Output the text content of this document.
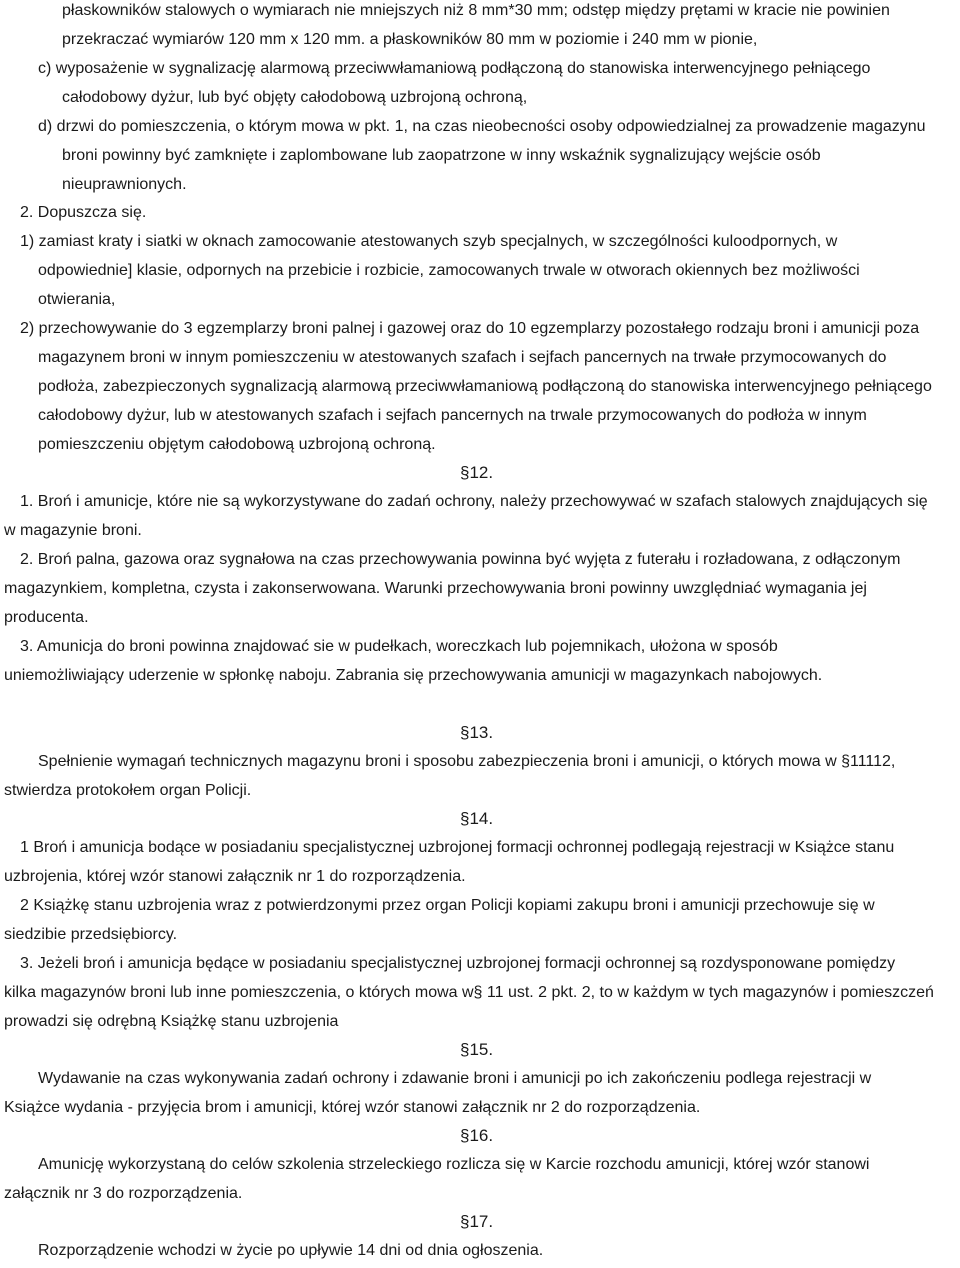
płaskowników stalowych o wymiarach nie mniejszych niż 8 mm*30 mm; odstęp między prętami w kracie nie powinien
przekraczać wymiarów 120 mm x 120 mm. a płaskowników 80 mm w poziomie i 240 mm w pionie,
c) wyposażenie w sygnalizację alarmową przeciwwłamaniową podłączoną do stanowiska interwencyjnego pełniącego
całodobowy dyżur, lub być objęty całodobową uzbrojoną ochroną,
d) drzwi do pomieszczenia, o którym mowa w pkt. 1, na czas nieobecności osoby odpowiedzialnej za prowadzenie magazynu
broni powinny być zamknięte i zaplombowane lub zaopatrzone w inny wskaźnik sygnalizujący wejście osób
nieuprawnionych.
2. Dopuszcza się.
1) zamiast kraty i siatki w oknach zamocowanie atestowanych szyb specjalnych, w szczególności kuloodpornych, w
odpowiednie] klasie, odpornych na przebicie i rozbicie, zamocowanych trwale w otworach okiennych bez możliwości
otwierania,
2) przechowywanie do 3 egzemplarzy broni palnej i gazowej oraz do 10 egzemplarzy pozostałego rodzaju broni i amunicji poza
magazynem broni w innym pomieszczeniu w atestowanych szafach i sejfach pancernych na trwałe przymocowanych do
podłoża, zabezpieczonych sygnalizacją alarmową przeciwwłamaniową podłączoną do stanowiska interwencyjnego pełniącego
całodobowy dyżur, lub w atestowanych szafach i sejfach pancernych na trwale przymocowanych do podłoża w innym
pomieszczeniu objętym całodobową uzbrojoną ochroną.
§12.
1. Broń i amunicje, które nie są wykorzystywane do zadań ochrony, należy przechowywać w szafach stalowych znajdujących się
w magazynie broni.
2. Broń palna, gazowa oraz sygnałowa na czas przechowywania powinna być wyjęta z futerału i rozładowana, z odłączonym
magazynkiem, kompletna, czysta i zakonserwowana. Warunki przechowywania broni powinny uwzględniać wymagania jej
producenta.
3. Amunicja do broni powinna znajdować sie w pudełkach, woreczkach lub pojemnikach, ułożona w sposób
uniemożliwiający uderzenie w spłonkę naboju. Zabrania się przechowywania amunicji w magazynkach nabojowych.
§13.
Spełnienie wymagań technicznych magazynu broni i sposobu zabezpieczenia broni i amunicji, o których mowa w §11112,
stwierdza protokołem organ Policji.
§14.
1 Broń i amunicja bodące w posiadaniu specjalistycznej uzbrojonej formacji ochronnej podlegają rejestracji w Książce stanu
uzbrojenia, której wzór stanowi załącznik nr 1 do rozporządzenia.
2 Książkę stanu uzbrojenia wraz z potwierdzonymi przez organ Policji kopiami zakupu broni i amunicji przechowuje się w
siedzibie przedsiębiorcy.
3. Jeżeli broń i amunicja będące w posiadaniu specjalistycznej uzbrojonej formacji ochronnej są rozdysponowane pomiędzy
kilka magazynów broni lub inne pomieszczenia, o których mowa w§ 11 ust. 2 pkt. 2, to w każdym w tych magazynów i pomieszczeń
prowadzi się odrębną Książkę stanu uzbrojenia
§15.
Wydawanie na czas wykonywania zadań ochrony i zdawanie broni i amunicji po ich zakończeniu podlega rejestracji w
Książce wydania - przyjęcia brom i amunicji, której wzór stanowi załącznik nr 2 do rozporządzenia.
§16.
Amunicję wykorzystaną do celów szkolenia strzeleckiego rozlicza się w Karcie rozchodu amunicji, której wzór stanowi
załącznik nr 3 do rozporządzenia.
§17.
Rozporządzenie wchodzi w życie po upływie 14 dni od dnia ogłoszenia.
